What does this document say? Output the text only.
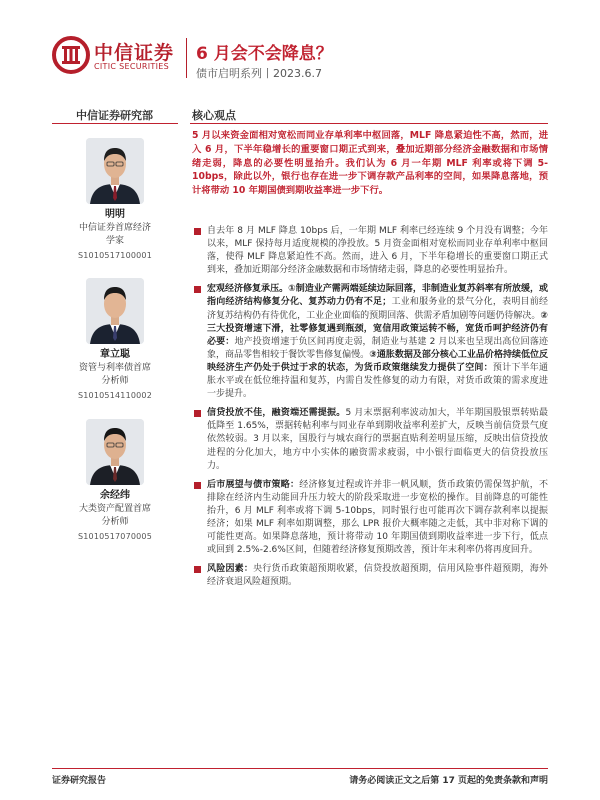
中信证券
CITIC SECURITIES
6 月会不会降息？
债市启明系列丨2023.6.7
中信证券研究部	核心观点
明明
中信证券首席经济
学家
S1010517100001
章立聪
资管与利率债首席
分析师
S1010514110002
余经纬
大类资产配置首席
分析师
S1010517070005

5 月以来资金面相对宽松而同业存单利率中枢回落，MLF 降息紧迫性不高，然而，进入 6 月，下半年稳增长的重要窗口期正式到来，叠加近期部分经济金融数据和市场情绪走弱，降息的必要性明显抬升。我们认为 6 月一年期 MLF 利率或将下调 5-10bps，除此以外，银行也存在进一步下调存款产品利率的空间，如果降息落地，预计将带动 10 年期国债到期收益率进一步下行。

自去年 8 月 MLF 降息 10bps 后，一年期 MLF 利率已经连续 9 个月没有调整；今年以来，MLF 保持每月适度规模的净投放。5 月资金面相对宽松而同业存单利率中枢回落，使得 MLF 降息紧迫性不高。然而，进入 6 月，下半年稳增长的重要窗口期正式到来，叠加近期部分经济金融数据和市场情绪走弱，降息的必要性明显抬升。
宏观经济修复承压。①制造业产需两端延续边际回落，非制造业复苏斜率有所放缓，或指向经济结构修复分化、复苏动力仍有不足；工业和服务业的景气分化，表明目前经济复苏结构仍有待优化，工业企业面临的预期回落、供需矛盾加剧等问题仍待解决。②三大投资增速下滑，社零修复遇到瓶颈，宽信用政策运转不畅，宽货币呵护经济仍有必要：地产投资增速于负区间再度走弱，制造业与基建 2 月以来也呈现出高位回落迹象，商品零售相较于餐饮零售修复偏慢。③通胀数据及部分核心工业品价格持续低位反映经济生产仍处于供过于求的状态，为货币政策继续发力提供了空间：预计下半年通胀水平或在低位维持温和复苏，内需自发性修复的动力有限，对货币政策的需求度进一步提升。
信贷投放不佳，融资端还需提振。5 月末票据利率波动加大，半年期国股银票转贴最低降至 1.65%，票据转帖利率与同业存单到期收益率利差扩大，反映当前信贷景气度依然较弱。3 月以来，国股行与城农商行的票据直贴利差明显压缩，反映出信贷投放进程的分化加大，地方中小实体的融资需求疲弱，中小银行面临更大的信贷投放压力。
后市展望与债市策略：经济修复过程或许并非一帆风顺，货币政策仍需保驾护航，不排除在经济内生动能回升压力较大的阶段采取进一步宽松的操作。目前降息的可能性抬升，6 月 MLF 利率或将下调 5-10bps，同时银行也可能再次下调存款利率以提振经济；如果 MLF 利率如期调整，那么 LPR 报价大概率随之走低，其中非对称下调的可能性更高。如果降息落地，预计将带动 10 年期国债到期收益率进一步下行，低点或回到 2.5%-2.6%区间，但随着经济修复预期改善，预计年末利率仍将再度回升。
风险因素：央行货币政策超预期收紧，信贷投放超预期，信用风险事件超预期，海外经济衰退风险超预期。
证券研究报告	请务必阅读正文之后第 17 页起的免责条款和声明
